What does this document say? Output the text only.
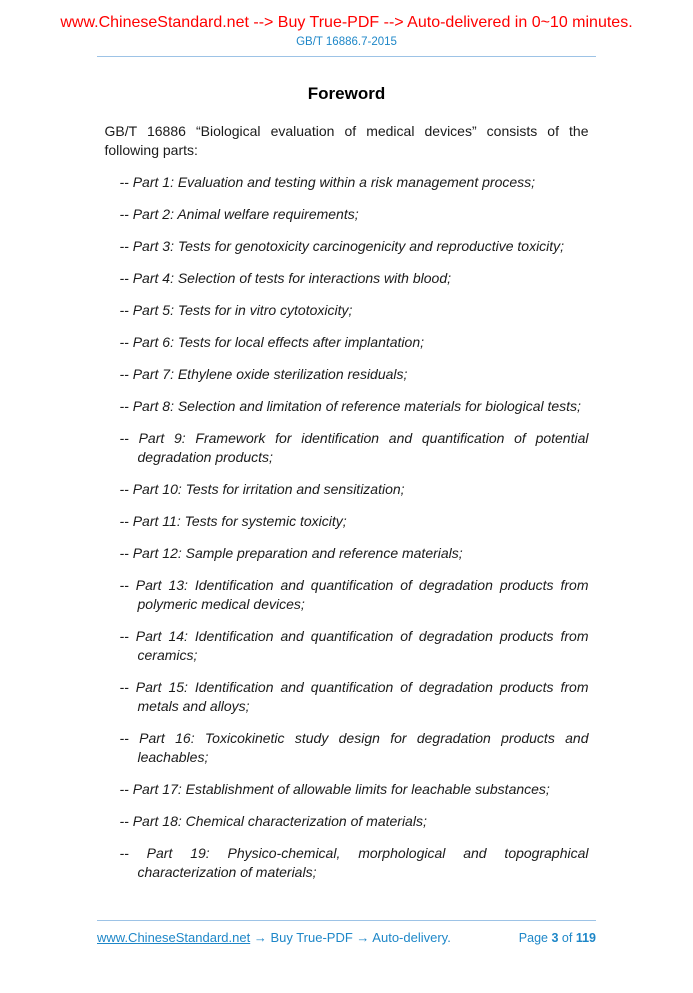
www.ChineseStandard.net --> Buy True-PDF --> Auto-delivered in 0~10 minutes.
GB/T 16886.7-2015
Foreword

GB/T 16886 “Biological evaluation of medical devices” consists of the following parts:

-- Part 1: Evaluation and testing within a risk management process;

-- Part 2: Animal welfare requirements;

-- Part 3: Tests for genotoxicity carcinogenicity and reproductive toxicity;

-- Part 4: Selection of tests for interactions with blood;

-- Part 5: Tests for in vitro cytotoxicity;

-- Part 6: Tests for local effects after implantation;

-- Part 7: Ethylene oxide sterilization residuals;

-- Part 8: Selection and limitation of reference materials for biological tests;

-- Part 9: Framework for identification and quantification of potential degradation products;

-- Part 10: Tests for irritation and sensitization;

-- Part 11: Tests for systemic toxicity;

-- Part 12: Sample preparation and reference materials;

-- Part 13: Identification and quantification of degradation products from polymeric medical devices;

-- Part 14: Identification and quantification of degradation products from ceramics;

-- Part 15: Identification and quantification of degradation products from metals and alloys;

-- Part 16: Toxicokinetic study design for degradation products and leachables;

-- Part 17: Establishment of allowable limits for leachable substances;

-- Part 18: Chemical characterization of materials;

-- Part 19: Physico-chemical, morphological and topographical characterization of materials;

www.ChineseStandard.net → Buy True-PDF → Auto-delivery.	Page 3 of 119
